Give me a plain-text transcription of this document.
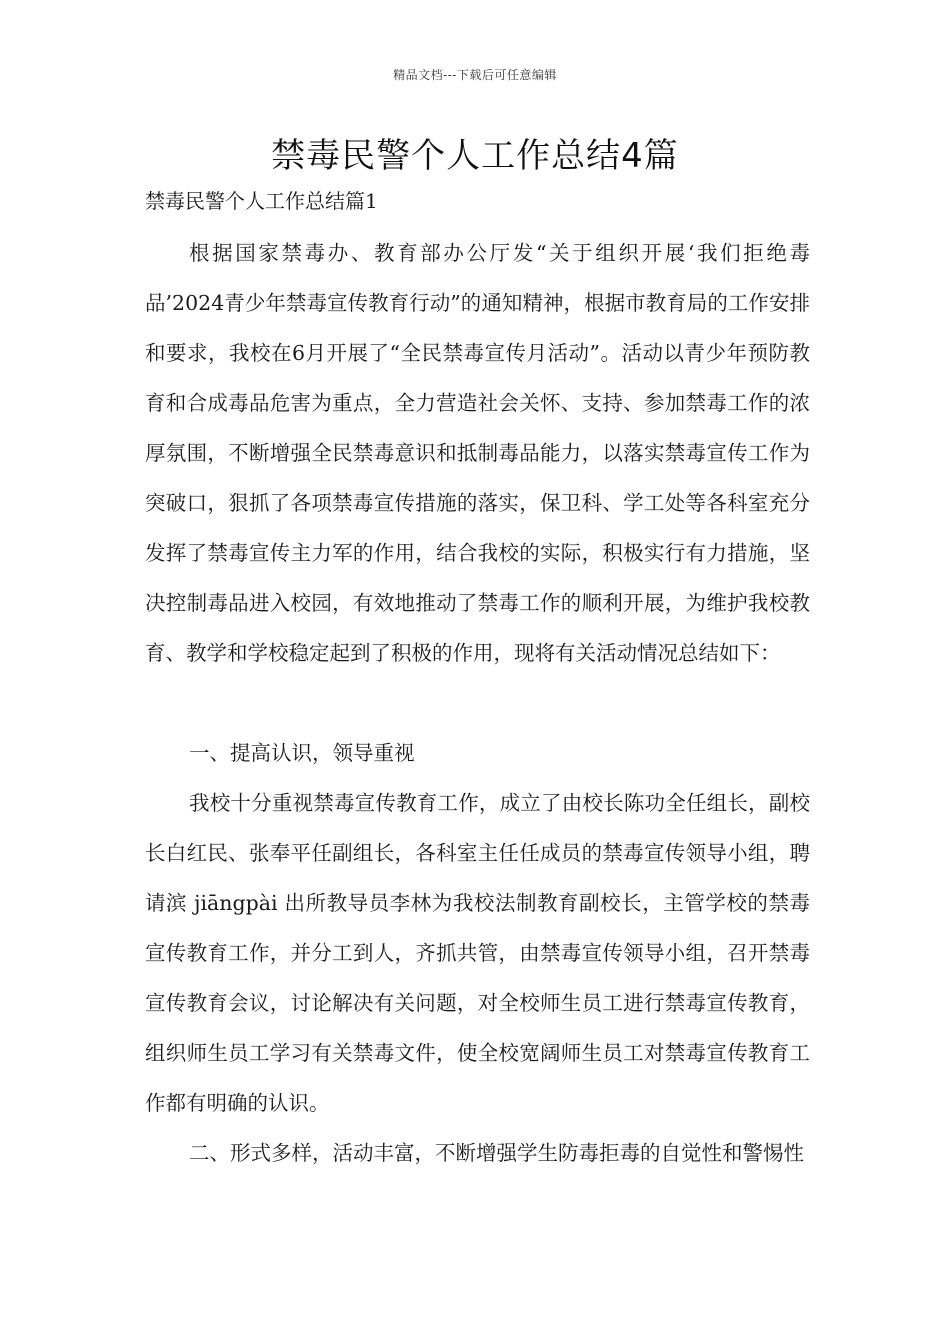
精品文档---下载后可任意编辑
禁毒民警个人工作总结4篇

禁毒民警个人工作总结篇1

根据国家禁毒办、教育部办公厅发“关于组织开展‘我们拒绝毒品’2024青少年禁毒宣传教育行动”的通知精神，根据市教育局的工作安排和要求，我校在6月开展了“全民禁毒宣传月活动”。活动以青少年预防教育和合成毒品危害为重点，全力营造社会关怀、支持、参加禁毒工作的浓厚氛围，不断增强全民禁毒意识和抵制毒品能力，以落实禁毒宣传工作为突破口，狠抓了各项禁毒宣传措施的落实，保卫科、学工处等各科室充分发挥了禁毒宣传主力军的作用，结合我校的实际，积极实行有力措施，坚决控制毒品进入校园，有效地推动了禁毒工作的顺利开展，为维护我校教育、教学和学校稳定起到了积极的作用，现将有关活动情况总结如下：

一、提高认识，领导重视

我校十分重视禁毒宣传教育工作，成立了由校长陈功全任组长，副校长白红民、张奉平任副组长，各科室主任任成员的禁毒宣传领导小组，聘请滨 jiāngpài 出所教导员李林为我校法制教育副校长，主管学校的禁毒宣传教育工作，并分工到人，齐抓共管，由禁毒宣传领导小组，召开禁毒宣传教育会议，讨论解决有关问题，对全校师生员工进行禁毒宣传教育，组织师生员工学习有关禁毒文件，使全校宽阔师生员工对禁毒宣传教育工作都有明确的认识。

二、形式多样，活动丰富，不断增强学生防毒拒毒的自觉性和警惕性
